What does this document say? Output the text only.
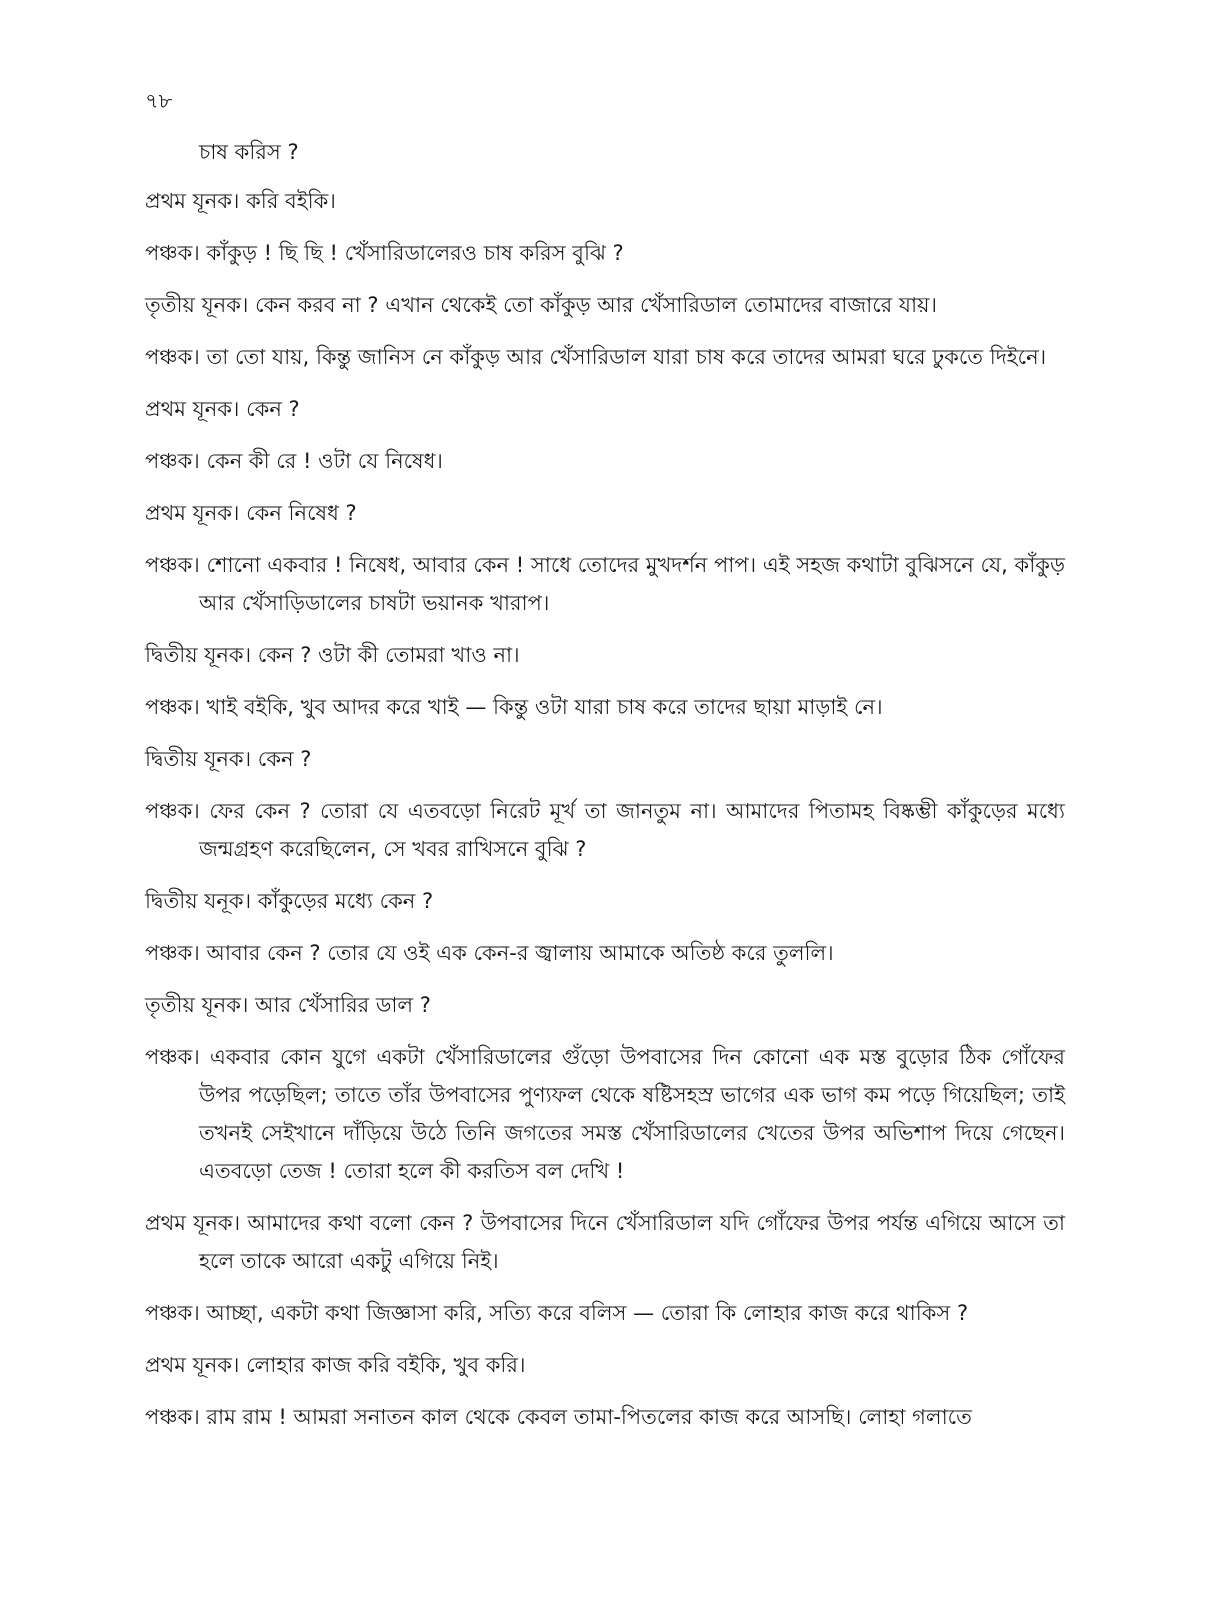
৭৮

চাষ করিস ?

প্রথম যূনক। করি বইকি।

পঞ্চক। কাঁকুড় ! ছি ছি ! খেঁসারিডালেরও চাষ করিস বুঝি ?

তৃতীয় যূনক। কেন করব না ? এখান থেকেই তো কাঁকুড় আর খেঁসারিডাল তোমাদের বাজারে যায়।

পঞ্চক। তা তো যায়, কিন্তু জানিস নে কাঁকুড় আর খেঁসারিডাল যারা চাষ করে তাদের আমরা ঘরে ঢুকতে দিইনে।

প্রথম যূনক। কেন ?

পঞ্চক। কেন কী রে ! ওটা যে নিষেধ।

প্রথম যূনক। কেন নিষেধ ?

পঞ্চক। শোনো একবার ! নিষেধ, আবার কেন ! সাধে তোদের মুখদর্শন পাপ। এই সহজ কথাটা বুঝিসনে যে, কাঁকুড় আর খেঁসাড়িডালের চাষটা ভয়ানক খারাপ।

দ্বিতীয় যূনক। কেন ? ওটা কী তোমরা খাও না।

পঞ্চক। খাই বইকি, খুব আদর করে খাই — কিন্তু ওটা যারা চাষ করে তাদের ছায়া মাড়াই নে।

দ্বিতীয় যূনক। কেন ?

পঞ্চক। ফের কেন ? তোরা যে এতবড়ো নিরেট মূর্খ তা জানতুম না। আমাদের পিতামহ বিষ্কম্ভী কাঁকুড়ের মধ্যে জন্মগ্রহণ করেছিলেন, সে খবর রাখিসনে বুঝি ?

দ্বিতীয় যনূক। কাঁকুড়ের মধ্যে কেন ?

পঞ্চক। আবার কেন ? তোর যে ওই এক কেন-র জ্বালায় আমাকে অতিষ্ঠ করে তুললি।

তৃতীয় যূনক। আর খেঁসারির ডাল ?

পঞ্চক। একবার কোন যুগে একটা খেঁসারিডালের গুঁড়ো উপবাসের দিন কোনো এক মস্ত বুড়োর ঠিক গোঁফের উপর পড়েছিল; তাতে তাঁর উপবাসের পুণ্যফল থেকে ষষ্টিসহস্র ভাগের এক ভাগ কম পড়ে গিয়েছিল; তাই তখনই সেইখানে দাঁড়িয়ে উঠে তিনি জগতের সমস্ত খেঁসারিডালের খেতের উপর অভিশাপ দিয়ে গেছেন। এতবড়ো তেজ ! তোরা হলে কী করতিস বল দেখি !

প্রথম যূনক। আমাদের কথা বলো কেন ? উপবাসের দিনে খেঁসারিডাল যদি গোঁফের উপর পর্যন্ত এগিয়ে আসে তা হলে তাকে আরো একটু এগিয়ে নিই।

পঞ্চক। আচ্ছা, একটা কথা জিজ্ঞাসা করি, সত্যি করে বলিস — তোরা কি লোহার কাজ করে থাকিস ?

প্রথম যূনক। লোহার কাজ করি বইকি, খুব করি।

পঞ্চক। রাম রাম ! আমরা সনাতন কাল থেকে কেবল তামা-পিতলের কাজ করে আসছি। লোহা গলাতে
